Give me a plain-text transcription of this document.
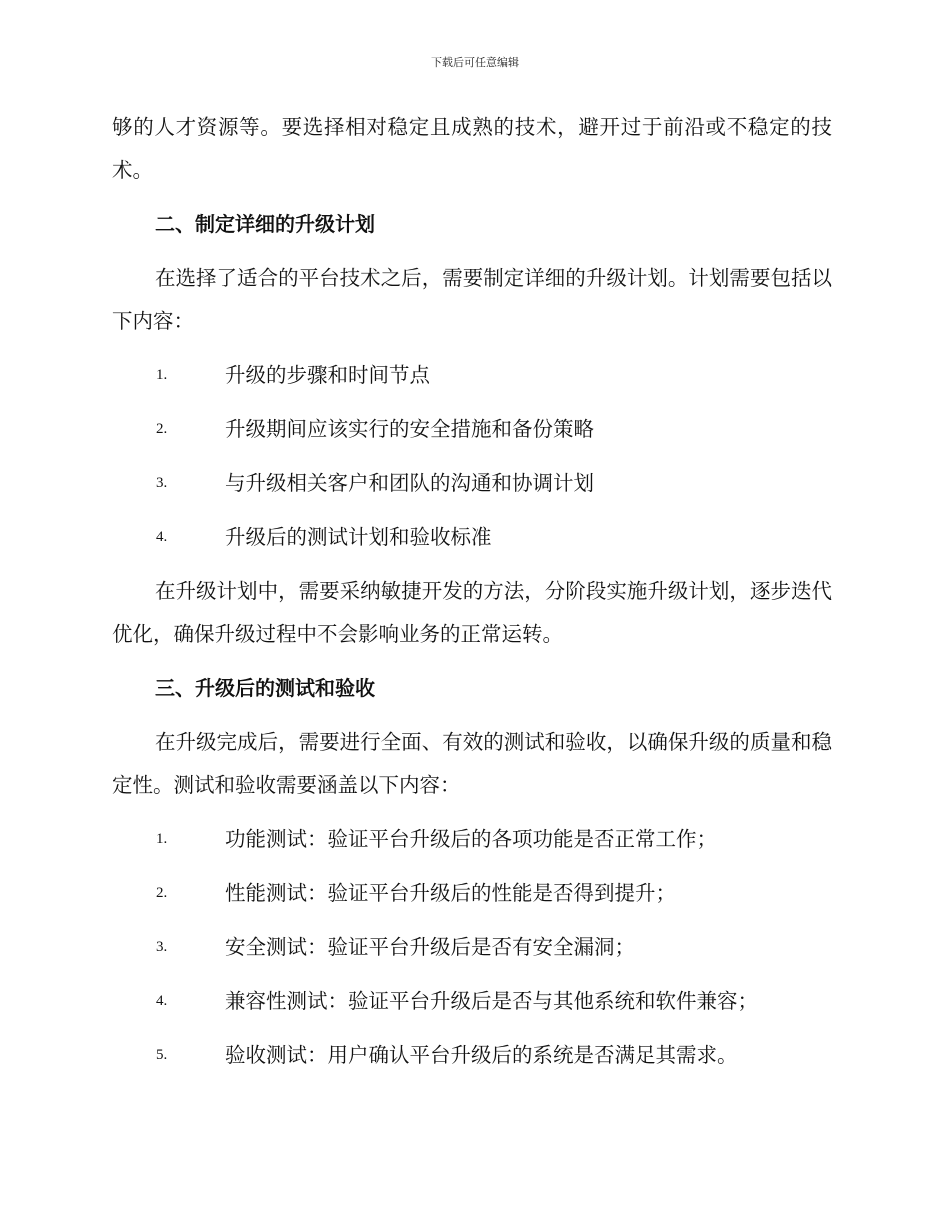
下载后可任意编辑

够的人才资源等。要选择相对稳定且成熟的技术，避开过于前沿或不稳定的技术。

二、制定详细的升级计划

在选择了适合的平台技术之后，需要制定详细的升级计划。计划需要包括以下内容：

1.	升级的步骤和时间节点
2.	升级期间应该实行的安全措施和备份策略
3.	与升级相关客户和团队的沟通和协调计划
4.	升级后的测试计划和验收标准

在升级计划中，需要采纳敏捷开发的方法，分阶段实施升级计划，逐步迭代优化，确保升级过程中不会影响业务的正常运转。

三、升级后的测试和验收

在升级完成后，需要进行全面、有效的测试和验收，以确保升级的质量和稳定性。测试和验收需要涵盖以下内容：

1.	功能测试：验证平台升级后的各项功能是否正常工作；
2.	性能测试：验证平台升级后的性能是否得到提升；
3.	安全测试：验证平台升级后是否有安全漏洞；
4.	兼容性测试：验证平台升级后是否与其他系统和软件兼容；
5.	验收测试：用户确认平台升级后的系统是否满足其需求。
